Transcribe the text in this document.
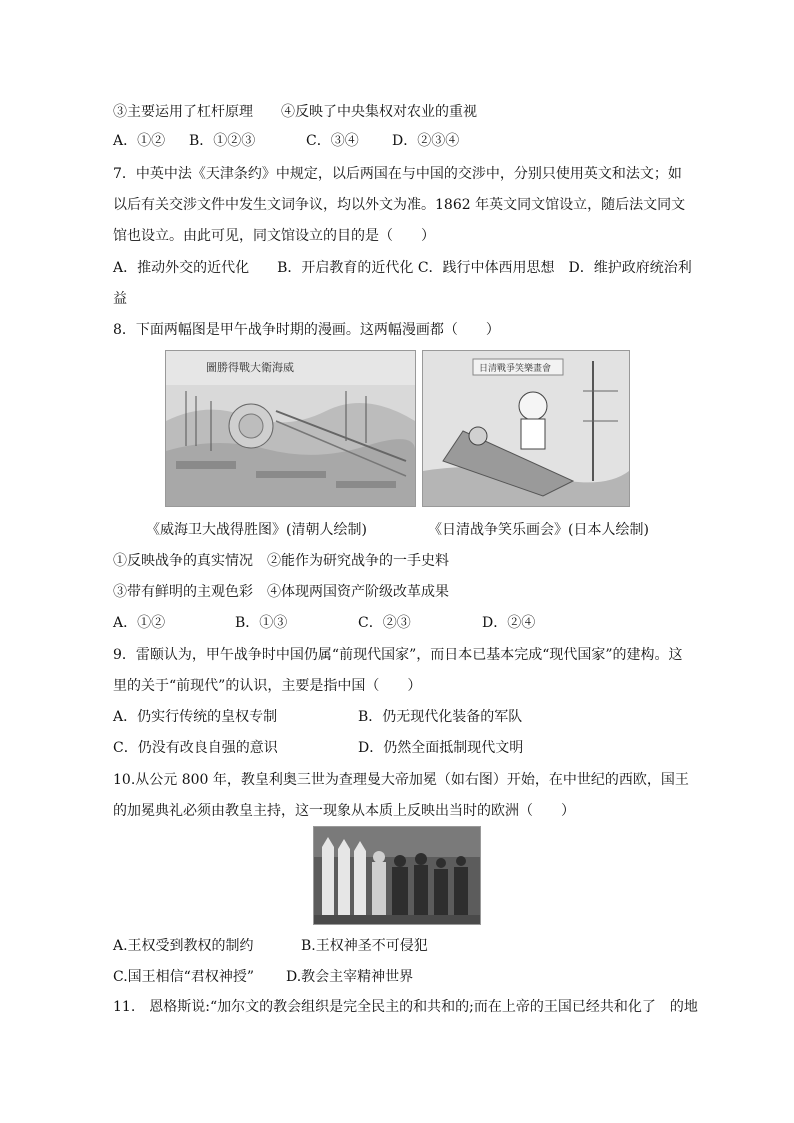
③主要运用了杠杆原理　　④反映了中央集权对农业的重视
A．①② B．①②③	C．③④ D．②③④
7．中英中法《天津条约》中规定，以后两国在与中国的交涉中，分别只使用英文和法文；如
以后有关交涉文件中发生文词争议，均以外文为准。1862 年英文同文馆设立，随后法文同文
馆也设立。由此可见，同文馆设立的目的是（　　）
A．推动外交的近代化　　B．开启教育的近代化 C．践行中体西用思想　D．维护政府统治利
益
8．下面两幅图是甲午战争时期的漫画。这两幅漫画都（　　）
圖勝得戰大衛海威	日清戰爭笑樂畫會
《威海卫大战得胜图》(清朝人绘制)	《日清战争笑乐画会》(日本人绘制)
①反映战争的真实情况　②能作为研究战争的一手史料
③带有鲜明的主观色彩　④体现两国资产阶级改革成果
A．①②	B．①③	C．②③	D．②④
9．雷颐认为，甲午战争时中国仍属“前现代国家”，而日本已基本完成“现代国家”的建构。这
里的关于“前现代”的认识，主要是指中国（　　）
A．仍实行传统的皇权专制	B．仍无现代化装备的军队
C．仍没有改良自强的意识	D．仍然全面抵制现代文明
10.从公元 800 年，教皇利奥三世为查理曼大帝加冕（如右图）开始，在中世纪的西欧，国王
的加冕典礼必须由教皇主持，这一现象从本质上反映出当时的欧洲（　　）
A.王权受到教权的制约	B.王权神圣不可侵犯
C.国王相信“君权神授” D.教会主宰精神世界
11.　恩格斯说:“加尔文的教会组织是完全民主的和共和的;而在上帝的王国已经共和化了　的地
